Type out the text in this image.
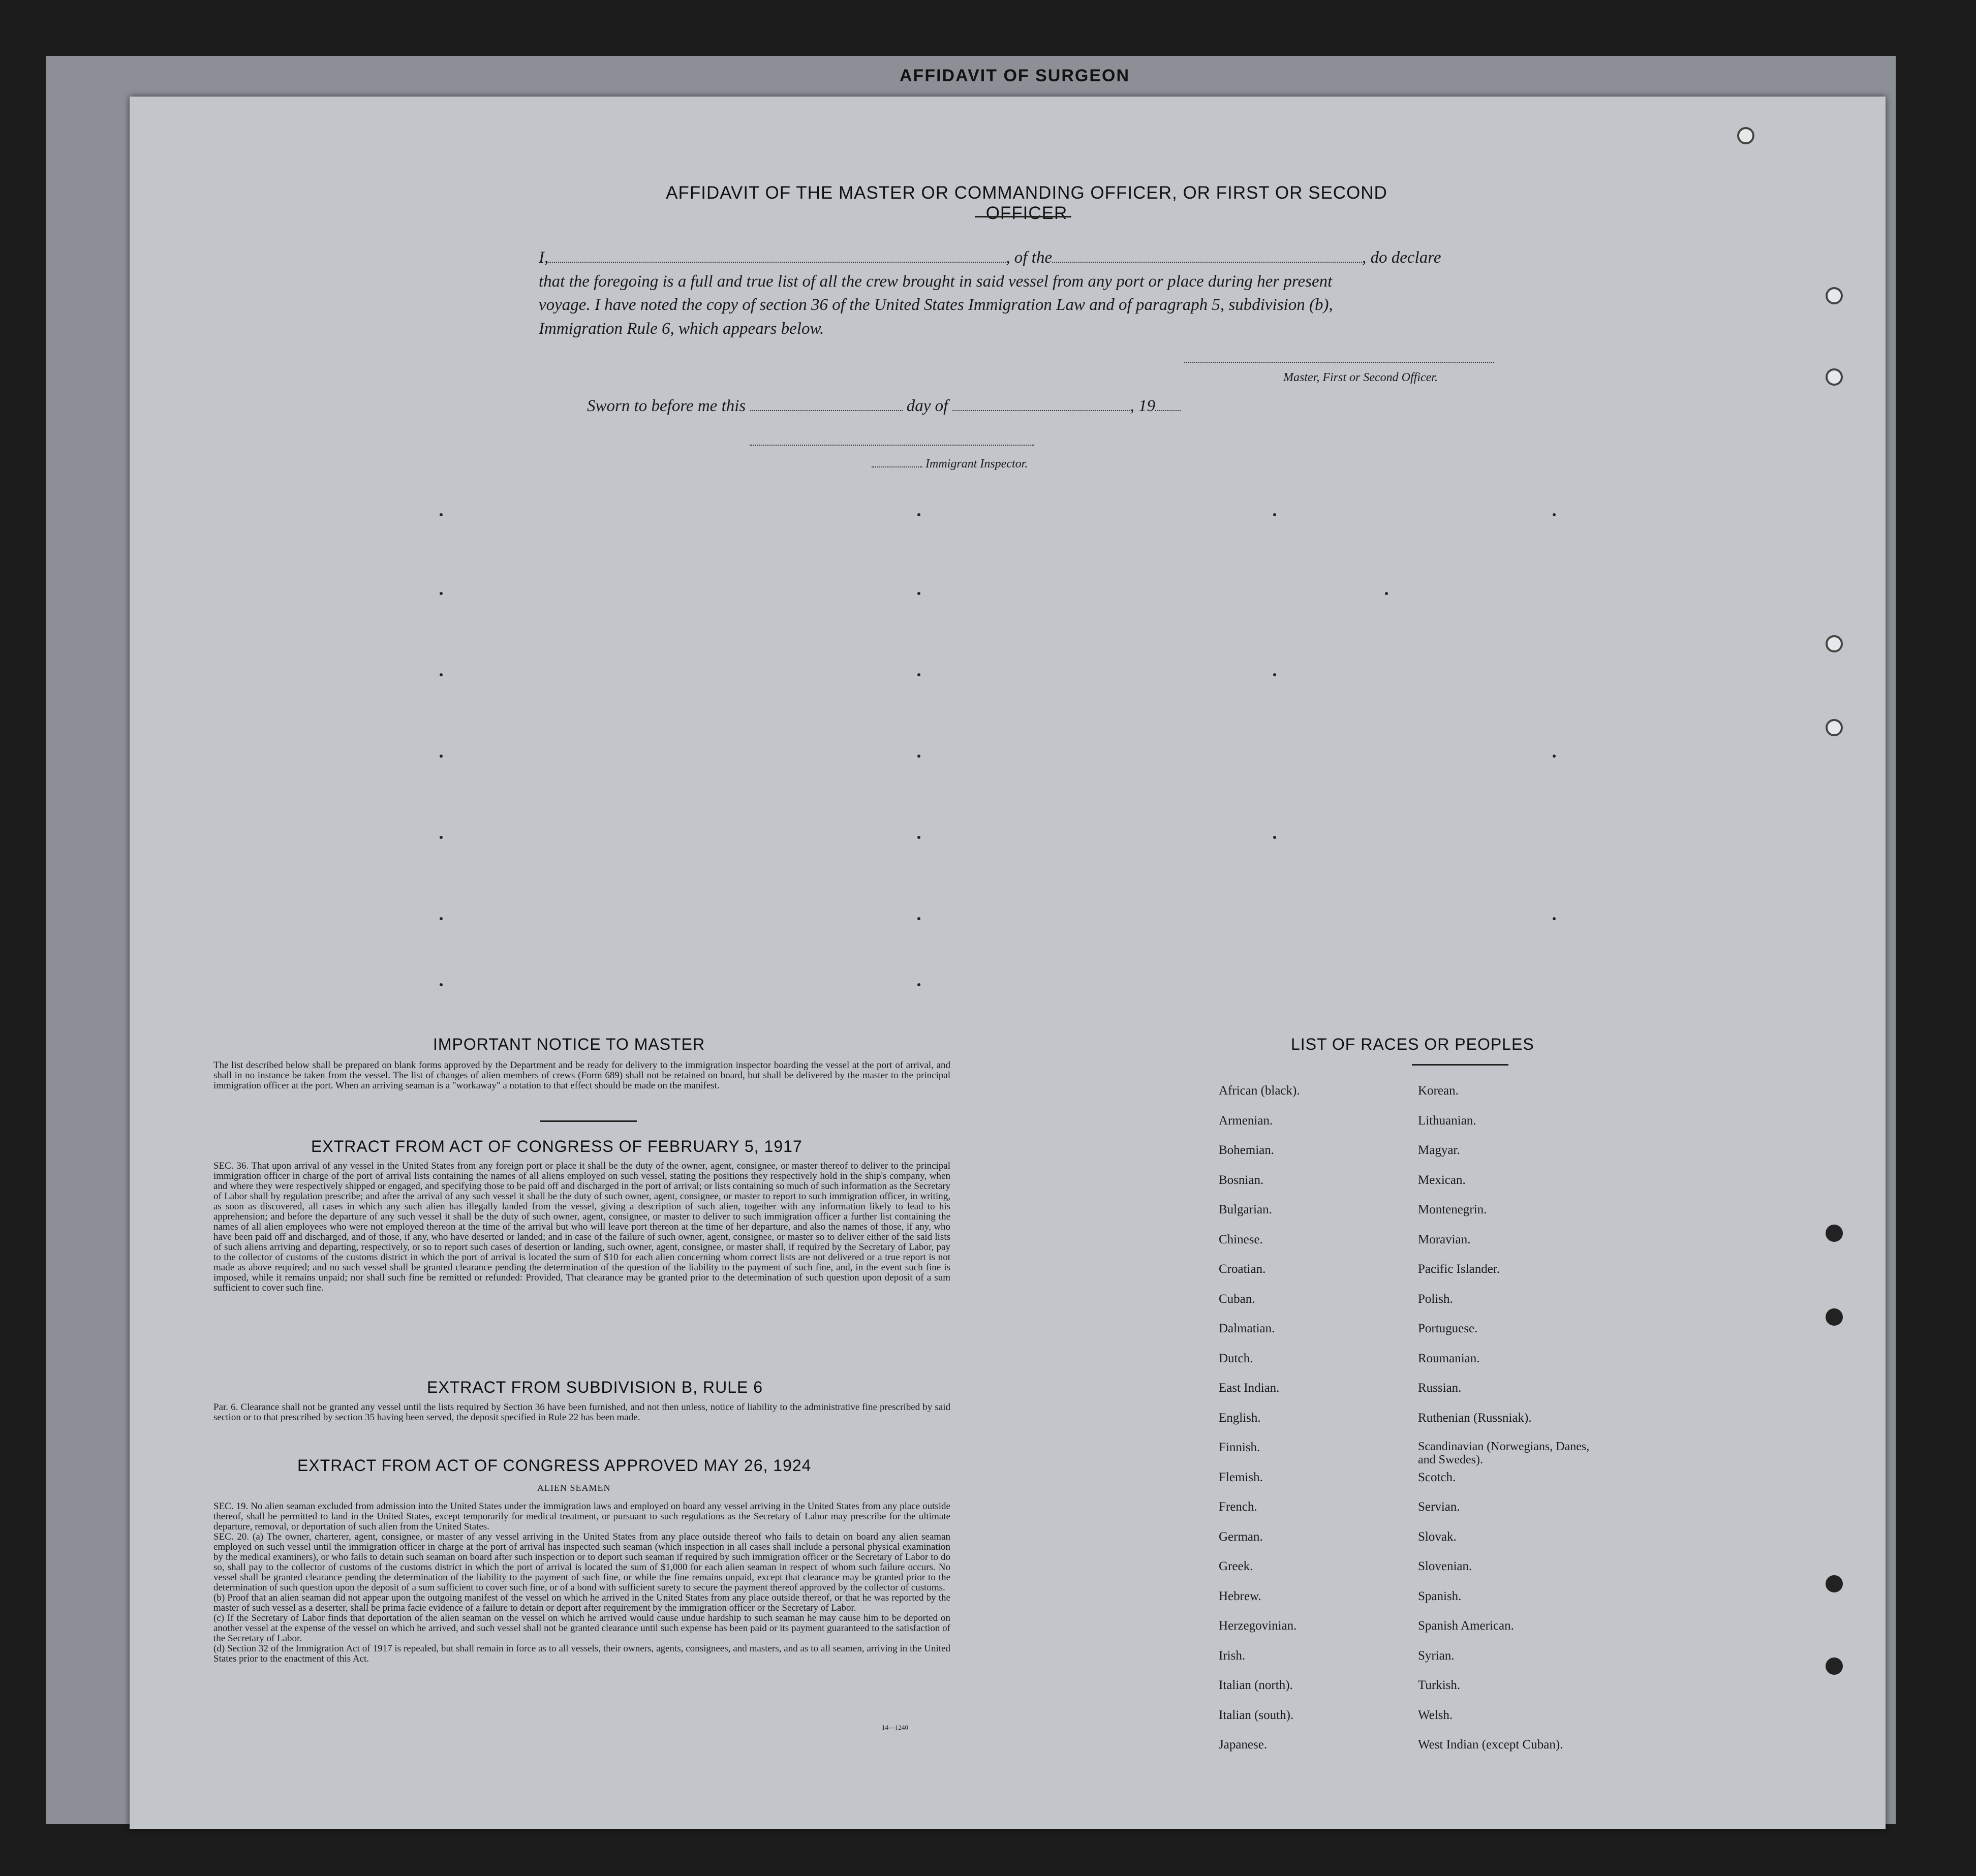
AFFIDAVIT OF SURGEON
AFFIDAVIT OF THE MASTER OR COMMANDING OFFICER, OR FIRST OR SECOND OFFICER
I,	, of the	, do declare
that the foregoing is a full and true list of all the crew brought in said vessel from any port or place during her present
voyage. I have noted the copy of section 36 of the United States Immigration Law and of paragraph 5, subdivision (b),
Immigration Rule 6, which appears below.
Master, First or Second Officer.
Sworn to before me this	day of	, 19
Immigrant Inspector.
IMPORTANT NOTICE TO MASTER
The list described below shall be prepared on blank forms approved by the Department and be ready for delivery to the immigration inspector boarding the vessel at the port of arrival, and shall in no instance be taken from the vessel. The list of changes of alien members of crews (Form 689) shall not be retained on board, but shall be delivered by the master to the principal immigration officer at the port. When an arriving seaman is a "workaway" a notation to that effect should be made on the manifest.
EXTRACT FROM ACT OF CONGRESS OF FEBRUARY 5, 1917
SEC. 36. That upon arrival of any vessel in the United States from any foreign port or place it shall be the duty of the owner, agent, consignee, or master thereof to deliver to the principal immigration officer in charge of the port of arrival lists containing the names of all aliens employed on such vessel, stating the positions they respectively hold in the ship's company, when and where they were respectively shipped or engaged, and specifying those to be paid off and discharged in the port of arrival; or lists containing so much of such information as the Secretary of Labor shall by regulation prescribe; and after the arrival of any such vessel it shall be the duty of such owner, agent, consignee, or master to report to such immigration officer, in writing, as soon as discovered, all cases in which any such alien has illegally landed from the vessel, giving a description of such alien, together with any information likely to lead to his apprehension; and before the departure of any such vessel it shall be the duty of such owner, agent, consignee, or master to deliver to such immigration officer a further list containing the names of all alien employees who were not employed thereon at the time of the arrival but who will leave port thereon at the time of her departure, and also the names of those, if any, who have been paid off and discharged, and of those, if any, who have deserted or landed; and in case of the failure of such owner, agent, consignee, or master so to deliver either of the said lists of such aliens arriving and departing, respectively, or so to report such cases of desertion or landing, such owner, agent, consignee, or master shall, if required by the Secretary of Labor, pay to the collector of customs of the customs district in which the port of arrival is located the sum of $10 for each alien concerning whom correct lists are not delivered or a true report is not made as above required; and no such vessel shall be granted clearance pending the determination of the question of the liability to the payment of such fine, and, in the event such fine is imposed, while it remains unpaid; nor shall such fine be remitted or refunded: Provided, That clearance may be granted prior to the determination of such question upon deposit of a sum sufficient to cover such fine.
EXTRACT FROM SUBDIVISION B, RULE 6
Par. 6. Clearance shall not be granted any vessel until the lists required by Section 36 have been furnished, and not then unless, notice of liability to the administrative fine prescribed by said section or to that prescribed by section 35 having been served, the deposit specified in Rule 22 has been made.
EXTRACT FROM ACT OF CONGRESS APPROVED MAY 26, 1924
ALIEN SEAMEN
SEC. 19. No alien seaman excluded from admission into the United States under the immigration laws and employed on board any vessel arriving in the United States from any place outside thereof, shall be permitted to land in the United States, except temporarily for medical treatment, or pursuant to such regulations as the Secretary of Labor may prescribe for the ultimate departure, removal, or deportation of such alien from the United States.
SEC. 20. (a) The owner, charterer, agent, consignee, or master of any vessel arriving in the United States from any place outside thereof who fails to detain on board any alien seaman employed on such vessel until the immigration officer in charge at the port of arrival has inspected such seaman (which inspection in all cases shall include a personal physical examination by the medical examiners), or who fails to detain such seaman on board after such inspection or to deport such seaman if required by such immigration officer or the Secretary of Labor to do so, shall pay to the collector of customs of the customs district in which the port of arrival is located the sum of $1,000 for each alien seaman in respect of whom such failure occurs. No vessel shall be granted clearance pending the determination of the liability to the payment of such fine, or while the fine remains unpaid, except that clearance may be granted prior to the determination of such question upon the deposit of a sum sufficient to cover such fine, or of a bond with sufficient surety to secure the payment thereof approved by the collector of customs.
(b) Proof that an alien seaman did not appear upon the outgoing manifest of the vessel on which he arrived in the United States from any place outside thereof, or that he was reported by the master of such vessel as a deserter, shall be prima facie evidence of a failure to detain or deport after requirement by the immigration officer or the Secretary of Labor.
(c) If the Secretary of Labor finds that deportation of the alien seaman on the vessel on which he arrived would cause undue hardship to such seaman he may cause him to be deported on another vessel at the expense of the vessel on which he arrived, and such vessel shall not be granted clearance until such expense has been paid or its payment guaranteed to the satisfaction of the Secretary of Labor.
(d) Section 32 of the Immigration Act of 1917 is repealed, but shall remain in force as to all vessels, their owners, agents, consignees, and masters, and as to all seamen, arriving in the United States prior to the enactment of this Act.
14—1240
LIST OF RACES OR PEOPLES
African (black).
Armenian.
Bohemian.
Bosnian.
Bulgarian.
Chinese.
Croatian.
Cuban.
Dalmatian.
Dutch.
East Indian.
English.
Finnish.
Flemish.
French.
German.
Greek.
Hebrew.
Herzegovinian.
Irish.
Italian (north).
Italian (south).
Japanese.
Korean.
Lithuanian.
Magyar.
Mexican.
Montenegrin.
Moravian.
Pacific Islander.
Polish.
Portuguese.
Roumanian.
Russian.
Ruthenian (Russniak).
Scandinavian (Norwegians, Danes, and Swedes).
Scotch.
Servian.
Slovak.
Slovenian.
Spanish.
Spanish American.
Syrian.
Turkish.
Welsh.
West Indian (except Cuban).
